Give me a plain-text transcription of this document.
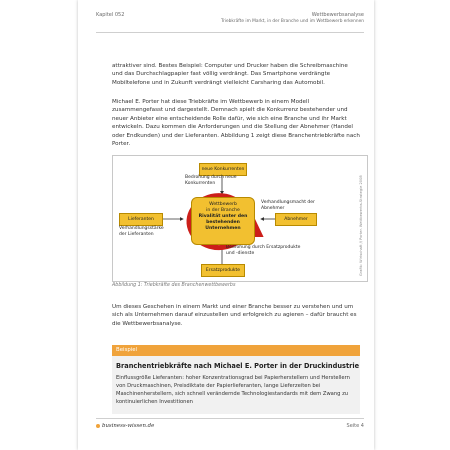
Kapitel 052	Wettbewerbsanalyse
Triebkräfte im Markt, in der Branche und im Wettbewerb erkennen

attraktiver sind. Bestes Beispiel: Computer und Drucker haben die Schreibmaschine und das Durchschlagpapier fast völlig verdrängt. Das Smartphone verdrängte Mobiltelefone und in Zukunft verdrängt vielleicht Carsharing das Automobil.

Michael E. Porter hat diese Triebkräfte im Wettbewerb in einem Modell zusammengefasst und dargestellt. Demnach spielt die Konkurrenz bestehender und neuer Anbieter eine entscheidende Rolle dafür, wie sich eine Branche und ihr Markt entwickeln. Dazu kommen die Anforderungen und die Stellung der Abnehmer (Handel oder Endkunden) und der Lieferanten. Abbildung 1 zeigt diese Branchentriebkräfte nach Porter.

neue Konkurrenten
Bedrohung durch neue
Konkurrenten
Lieferanten
Verhandlungsstärke
der Lieferanten
Abnehmer
Verhandlungsmacht der
Abnehmer
Ersatzprodukte
Bedrohung durch Ersatzprodukte
und -dienste
Wettbewerb
in der Branche
Rivalität unter den
bestehenden
Unternehmen	Grafik: Wirtschaft // Porter. Wettbewerbs-Strategie 2008
Abbildung 1: Triebkräfte des Branchenwettbewerbs

Um dieses Geschehen in einem Markt und einer Branche besser zu verstehen und um sich als Unternehmen darauf einzustellen und erfolgreich zu agieren – dafür braucht es die Wettbewerbsanalyse.

Beispiel
Branchentriebkräfte nach Michael E. Porter in der Druckindustrie

Einflussgröße Lieferanten: hoher Konzentrationsgrad bei Papierherstellern und Herstellern von Druckmaschinen, Preisdiktate der Papierlieferanten, lange Lieferzeiten bei Maschinenherstellern, sich schnell verändernde Technologiestandards mit dem Zwang zu kontinuierlichen Investitionen

business-wissen.de	Seite 4
